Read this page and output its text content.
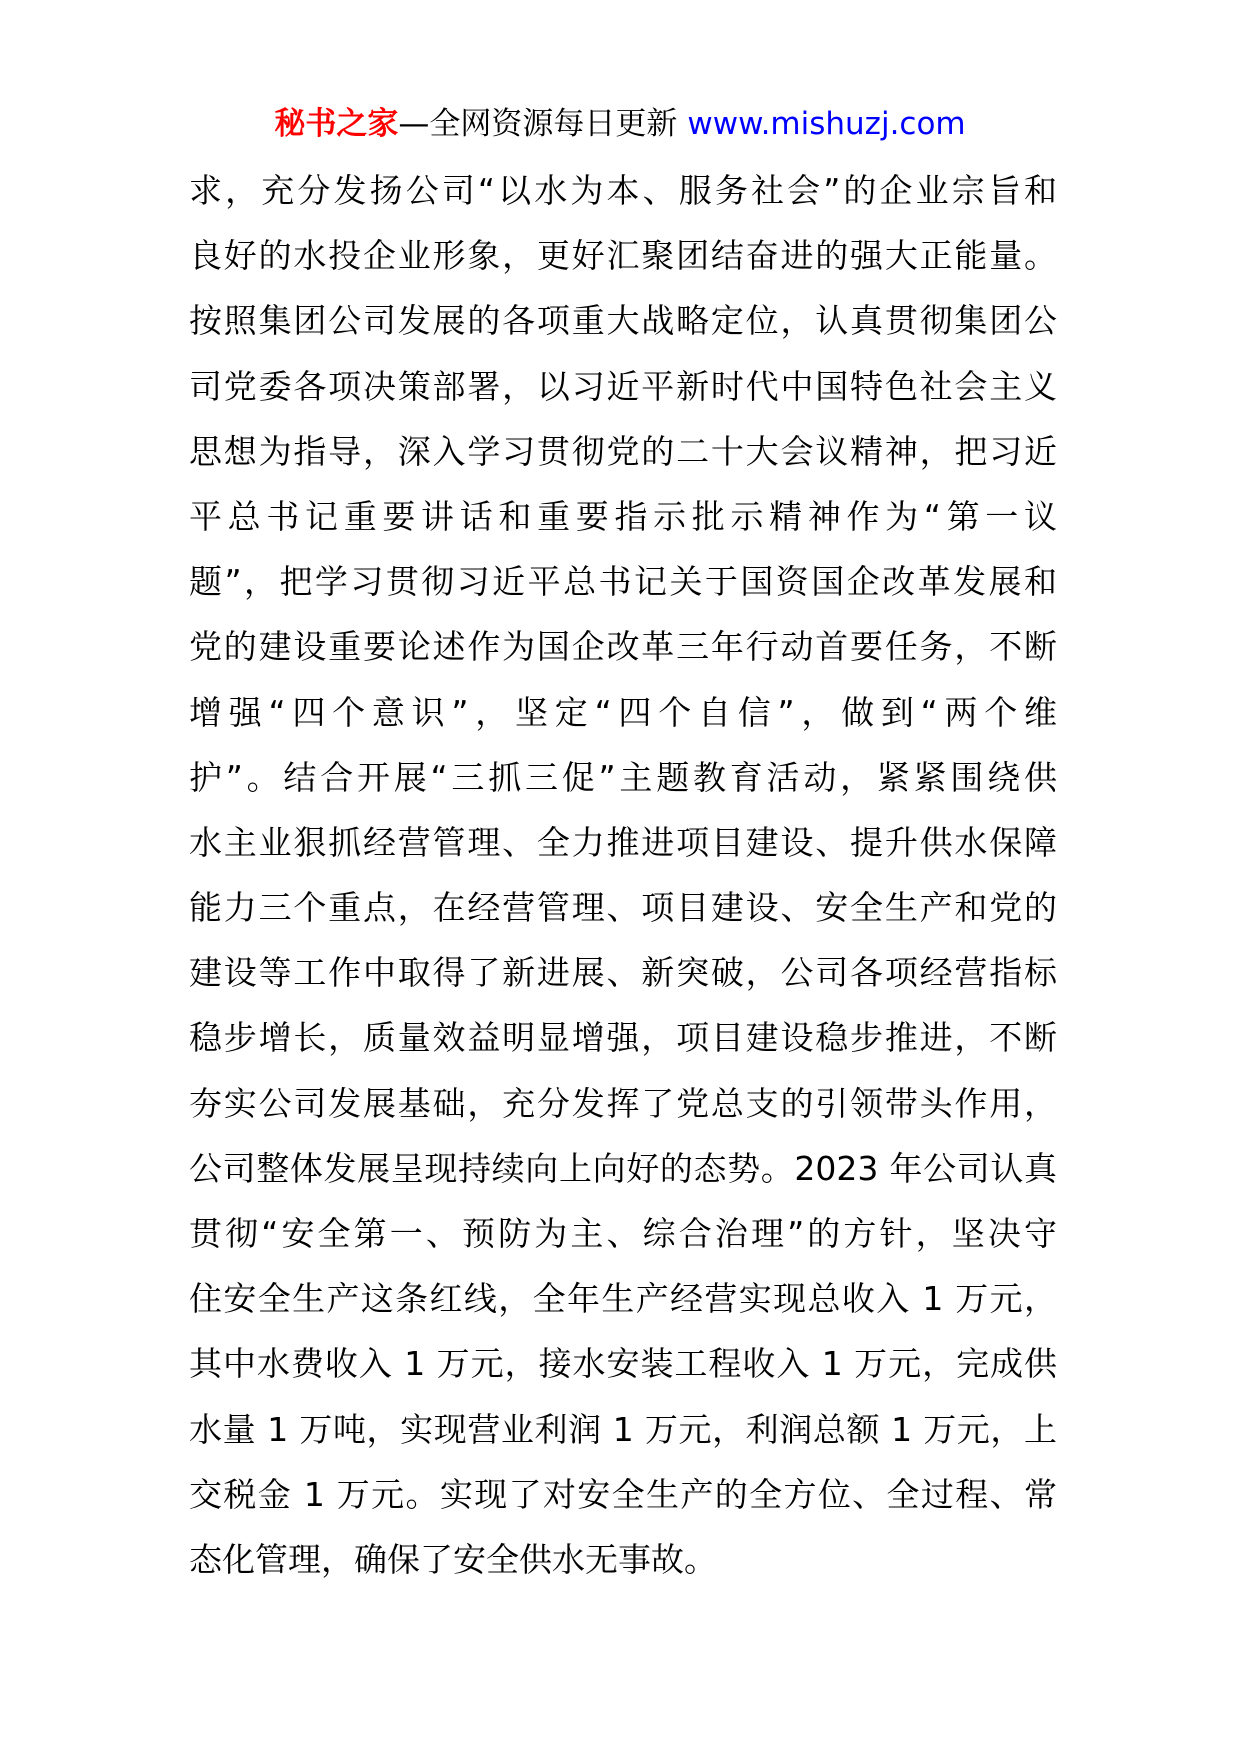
秘书之家—全网资源每日更新 www.mishuzj.com
求，充分发扬公司“以水为本、服务社会”的企业宗旨和
良好的水投企业形象，更好汇聚团结奋进的强大正能量。
按照集团公司发展的各项重大战略定位，认真贯彻集团公
司党委各项决策部署，以习近平新时代中国特色社会主义
思想为指导，深入学习贯彻党的二十大会议精神，把习近
平总书记重要讲话和重要指示批示精神作为“第一议
题”，把学习贯彻习近平总书记关于国资国企改革发展和
党的建设重要论述作为国企改革三年行动首要任务，不断
增强“四个意识”，坚定“四个自信”，做到“两个维
护”。结合开展“三抓三促”主题教育活动，紧紧围绕供
水主业狠抓经营管理、全力推进项目建设、提升供水保障
能力三个重点，在经营管理、项目建设、安全生产和党的
建设等工作中取得了新进展、新突破，公司各项经营指标
稳步增长，质量效益明显增强，项目建设稳步推进，不断
夯实公司发展基础，充分发挥了党总支的引领带头作用，
公司整体发展呈现持续向上向好的态势。2023 年公司认真
贯彻“安全第一、预防为主、综合治理”的方针，坚决守
住安全生产这条红线，全年生产经营实现总收入 1 万元，
其中水费收入 1 万元，接水安装工程收入 1 万元，完成供
水量 1 万吨，实现营业利润 1 万元，利润总额 1 万元，上
交税金 1 万元。实现了对安全生产的全方位、全过程、常
态化管理，确保了安全供水无事故。
